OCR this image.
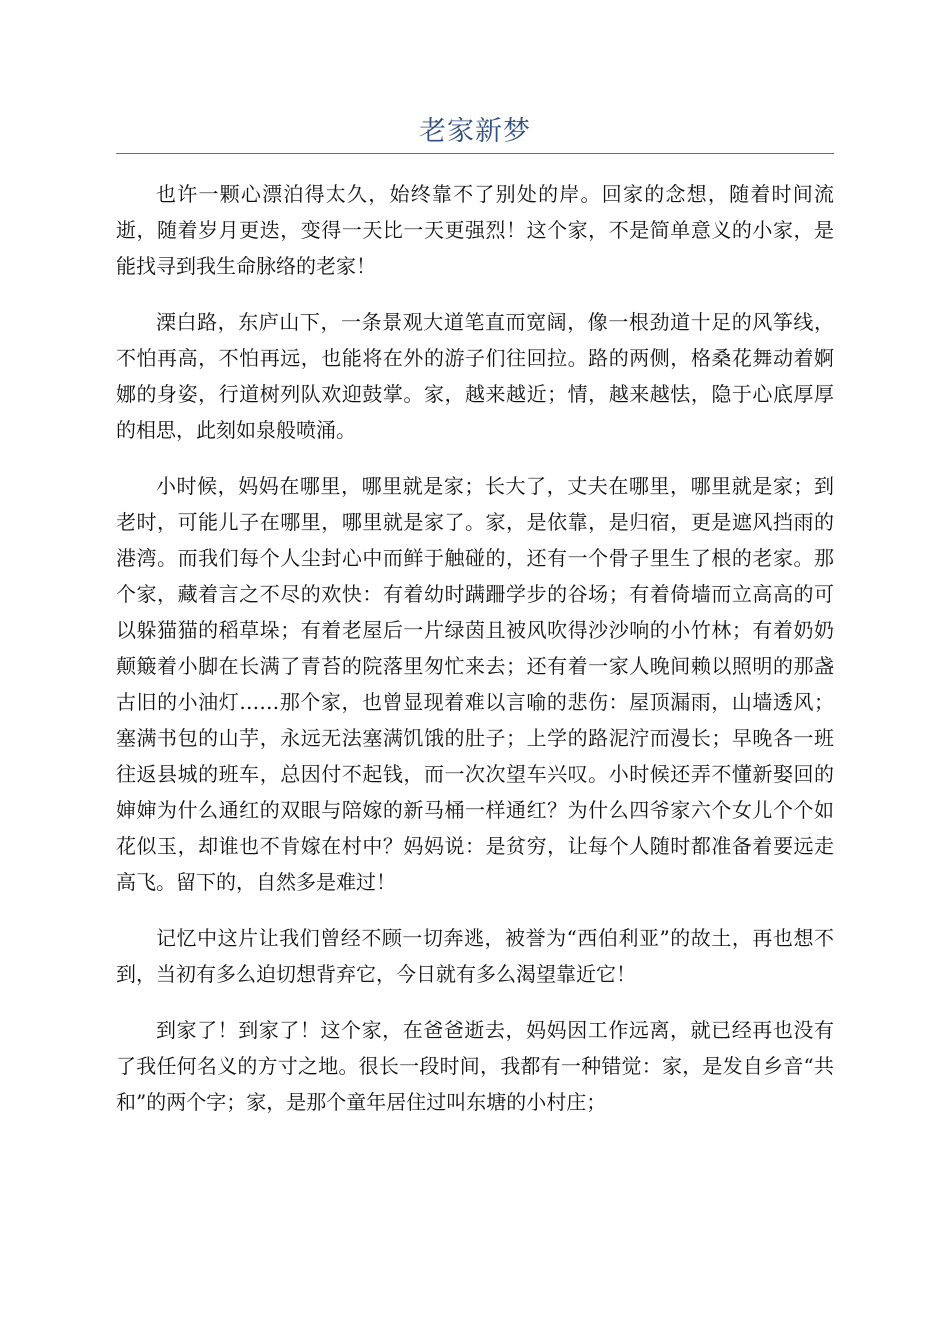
老家新梦

也许一颗心漂泊得太久，始终靠不了别处的岸。回家的念想，随着时间流逝，随着岁月更迭，变得一天比一天更强烈！这个家，不是简单意义的小家，是能找寻到我生命脉络的老家！

溧白路，东庐山下，一条景观大道笔直而宽阔，像一根劲道十足的风筝线，不怕再高，不怕再远，也能将在外的游子们往回拉。路的两侧，格桑花舞动着婀娜的身姿，行道树列队欢迎鼓掌。家，越来越近；情，越来越怯，隐于心底厚厚的相思，此刻如泉般喷涌。

小时候，妈妈在哪里，哪里就是家；长大了，丈夫在哪里，哪里就是家；到老时，可能儿子在哪里，哪里就是家了。家，是依靠，是归宿，更是遮风挡雨的港湾。而我们每个人尘封心中而鲜于触碰的，还有一个骨子里生了根的老家。那个家，藏着言之不尽的欢快：有着幼时蹒跚学步的谷场；有着倚墙而立高高的可以躲猫猫的稻草垛；有着老屋后一片绿茵且被风吹得沙沙响的小竹林；有着奶奶颠簸着小脚在长满了青苔的院落里匆忙来去；还有着一家人晚间赖以照明的那盏古旧的小油灯……那个家，也曾显现着难以言喻的悲伤：屋顶漏雨，山墙透风；塞满书包的山芋，永远无法塞满饥饿的肚子；上学的路泥泞而漫长；早晚各一班往返县城的班车，总因付不起钱，而一次次望车兴叹。小时候还弄不懂新娶回的婶婶为什么通红的双眼与陪嫁的新马桶一样通红？为什么四爷家六个女儿个个如花似玉，却谁也不肯嫁在村中？妈妈说：是贫穷，让每个人随时都准备着要远走高飞。留下的，自然多是难过！

记忆中这片让我们曾经不顾一切奔逃，被誉为“西伯利亚”的故土，再也想不到，当初有多么迫切想背弃它，今日就有多么渴望靠近它！

到家了！到家了！这个家，在爸爸逝去，妈妈因工作远离，就已经再也没有了我任何名义的方寸之地。很长一段时间，我都有一种错觉：家，是发自乡音“共和”的两个字；家，是那个童年居住过叫东塘的小村庄；
